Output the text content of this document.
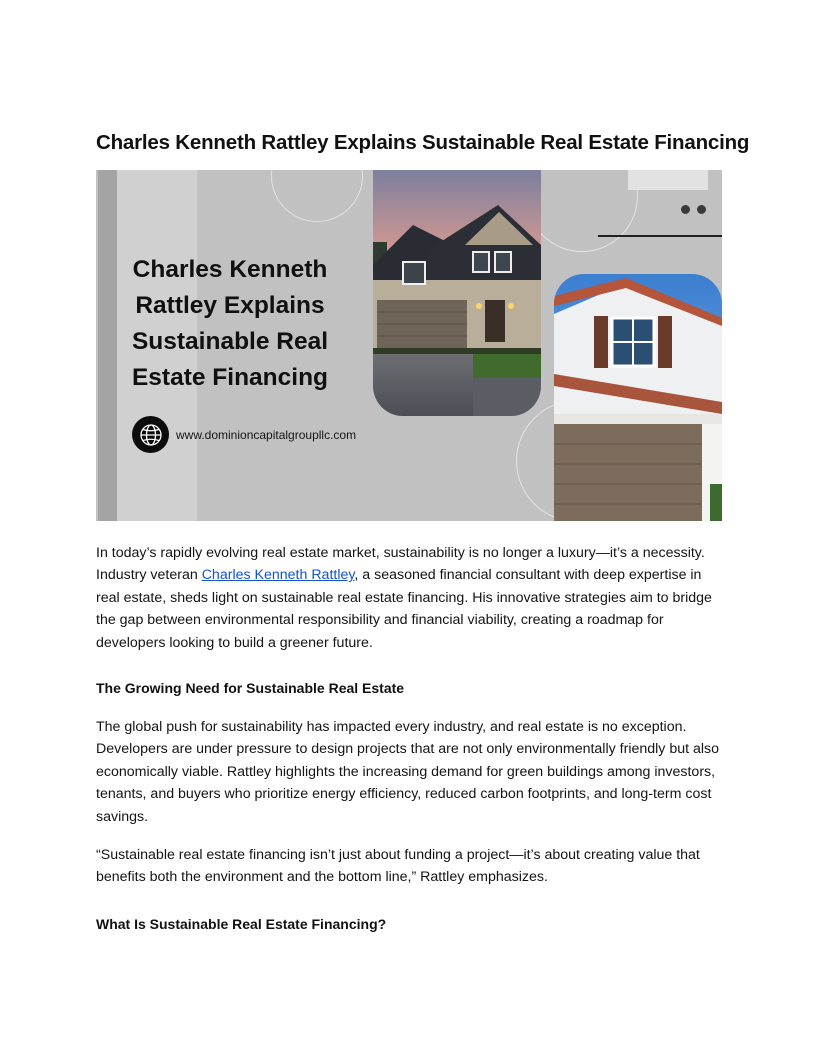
Charles Kenneth Rattley Explains Sustainable Real Estate Financing
Charles Kenneth Rattley Explains Sustainable Real Estate Financing
www.dominioncapitalgroupllc.com

In today’s rapidly evolving real estate market, sustainability is no longer a luxury—it’s a necessity. Industry veteran Charles Kenneth Rattley, a seasoned financial consultant with deep expertise in real estate, sheds light on sustainable real estate financing. His innovative strategies aim to bridge the gap between environmental responsibility and financial viability, creating a roadmap for developers looking to build a greener future.

The Growing Need for Sustainable Real Estate

The global push for sustainability has impacted every industry, and real estate is no exception. Developers are under pressure to design projects that are not only environmentally friendly but also economically viable. Rattley highlights the increasing demand for green buildings among investors, tenants, and buyers who prioritize energy efficiency, reduced carbon footprints, and long-term cost savings.

“Sustainable real estate financing isn’t just about funding a project—it’s about creating value that benefits both the environment and the bottom line,” Rattley emphasizes.

What Is Sustainable Real Estate Financing?
